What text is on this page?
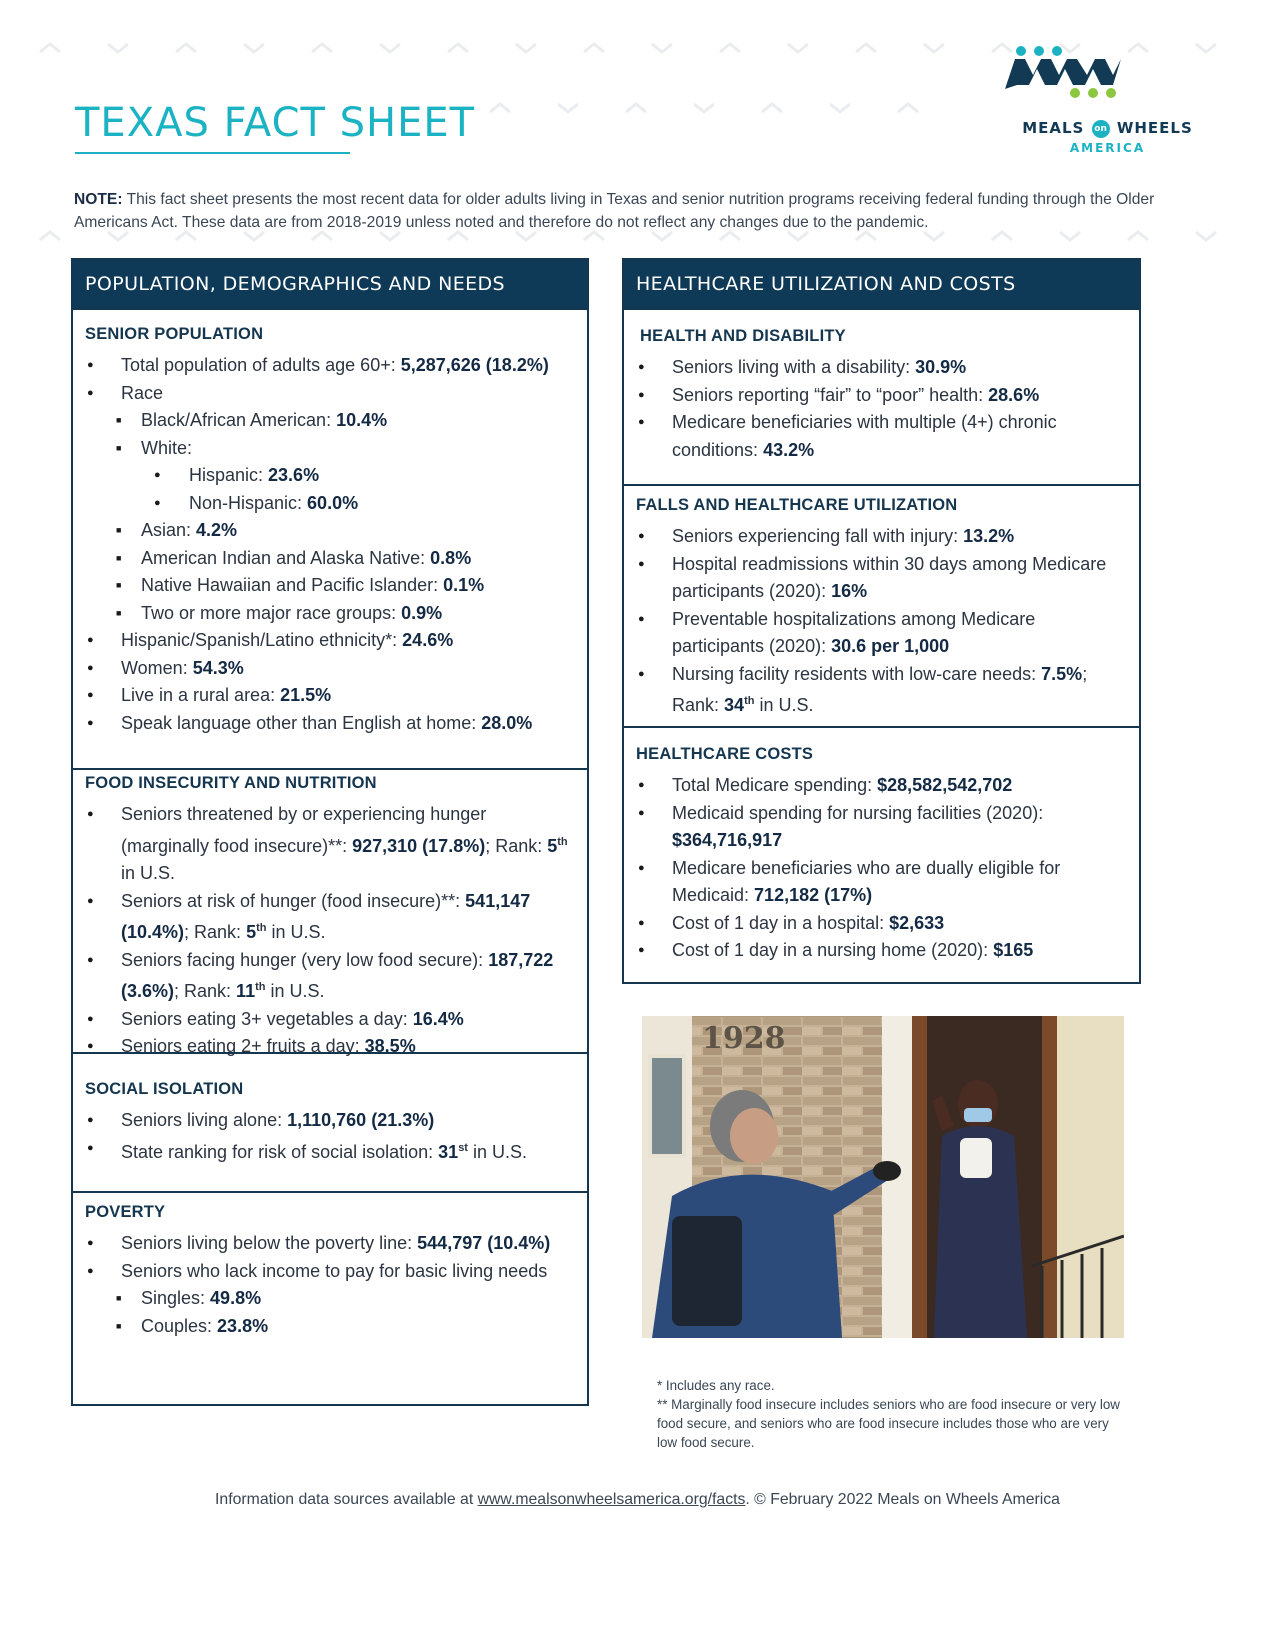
TEXAS FACT SHEET	MEALS on WHEELS
AMERICA

NOTE: This fact sheet presents the most recent data for older adults living in Texas and senior nutrition programs receiving federal funding through the Older Americans Act. These data are from 2018-2019 unless noted and therefore do not reflect any changes due to the pandemic.

POPULATION, DEMOGRAPHICS AND NEEDS
SENIOR POPULATION
● Total population of adults age 60+: 5,287,626 (18.2%)
● Race
■ Black/African American: 10.4%
■ White:
● Hispanic: 23.6%
● Non-Hispanic: 60.0%
■ Asian: 4.2%
■ American Indian and Alaska Native: 0.8%
■ Native Hawaiian and Pacific Islander: 0.1%
■ Two or more major race groups: 0.9%
● Hispanic/Spanish/Latino ethnicity*: 24.6%
● Women: 54.3%
● Live in a rural area: 21.5%
● Speak language other than English at home: 28.0%
FOOD INSECURITY AND NUTRITION
● Seniors threatened by or experiencing hunger (marginally food insecure)**: 927,310 (17.8%); Rank: 5th in U.S.
● Seniors at risk of hunger (food insecure)**: 541,147 (10.4%); Rank: 5th in U.S.
● Seniors facing hunger (very low food secure): 187,722 (3.6%); Rank: 11th in U.S.
● Seniors eating 3+ vegetables a day: 16.4%
● Seniors eating 2+ fruits a day: 38.5%
SOCIAL ISOLATION
● Seniors living alone: 1,110,760 (21.3%)
● State ranking for risk of social isolation: 31st in U.S.
POVERTY
● Seniors living below the poverty line: 544,797 (10.4%)
● Seniors who lack income to pay for basic living needs
■ Singles: 49.8%
■ Couples: 23.8%
HEALTHCARE UTILIZATION AND COSTS
HEALTH AND DISABILITY
● Seniors living with a disability: 30.9%
● Seniors reporting “fair” to “poor” health: 28.6%
● Medicare beneficiaries with multiple (4+) chronic conditions: 43.2%
FALLS AND HEALTHCARE UTILIZATION
● Seniors experiencing fall with injury: 13.2%
● Hospital readmissions within 30 days among Medicare participants (2020): 16%
● Preventable hospitalizations among Medicare participants (2020): 30.6 per 1,000
● Nursing facility residents with low-care needs: 7.5%; Rank: 34th in U.S.
HEALTHCARE COSTS
● Total Medicare spending: $28,582,542,702
● Medicaid spending for nursing facilities (2020): $364,716,917
● Medicare beneficiaries who are dually eligible for Medicaid: 712,182 (17%)
● Cost of 1 day in a hospital: $2,633
● Cost of 1 day in a nursing home (2020): $165
1928
* Includes any race.
** Marginally food insecure includes seniors who are food insecure or very low food secure, and seniors who are food insecure includes those who are very low food secure.
Information data sources available at www.mealsonwheelsamerica.org/facts. © February 2022 Meals on Wheels America
